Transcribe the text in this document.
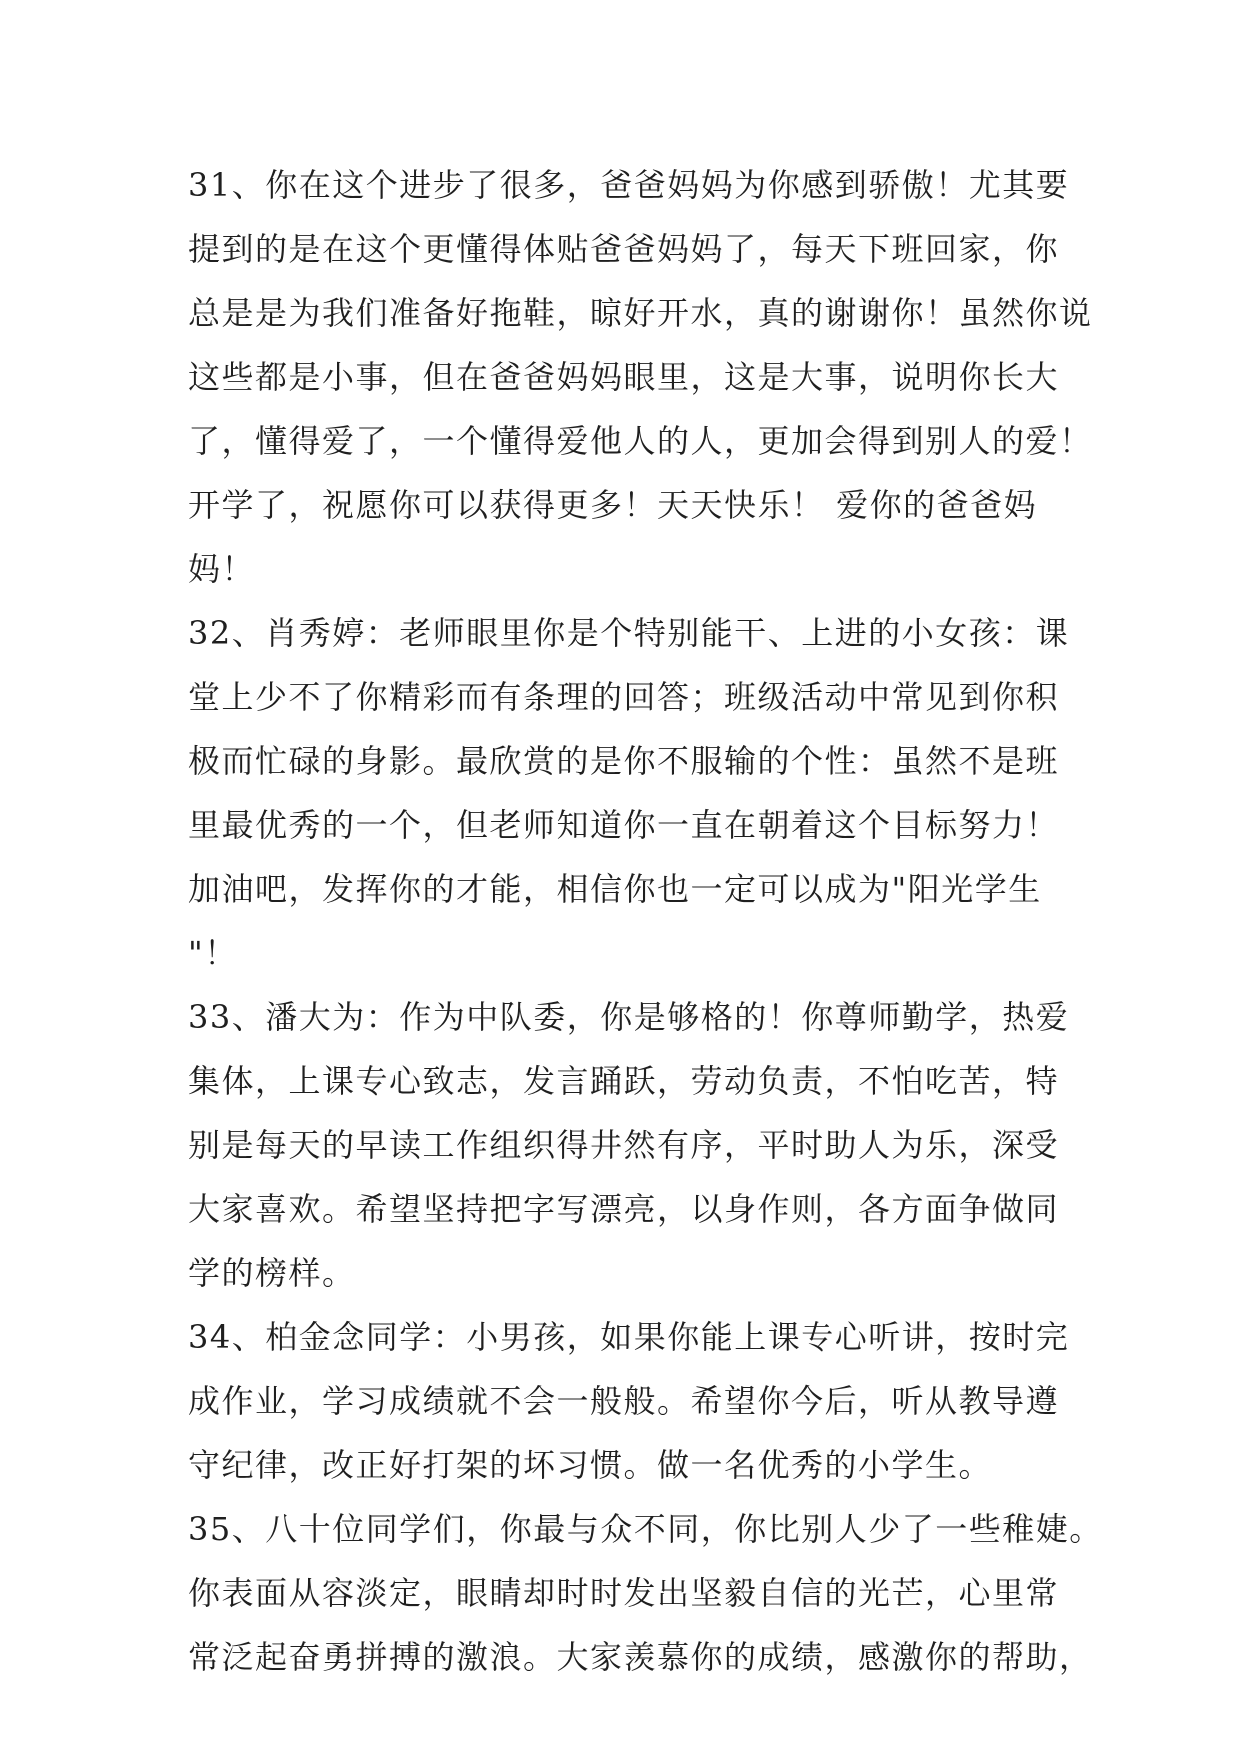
31、你在这个进步了很多，爸爸妈妈为你感到骄傲！尤其要
提到的是在这个更懂得体贴爸爸妈妈了，每天下班回家，你
总是是为我们准备好拖鞋，晾好开水，真的谢谢你！虽然你说
这些都是小事，但在爸爸妈妈眼里，这是大事，说明你长大
了，懂得爱了，一个懂得爱他人的人，更加会得到别人的爱！
开学了，祝愿你可以获得更多！天天快乐！ 爱你的爸爸妈
妈！
32、肖秀婷：老师眼里你是个特别能干、上进的小女孩：课
堂上少不了你精彩而有条理的回答；班级活动中常见到你积
极而忙碌的身影。最欣赏的是你不服输的个性：虽然不是班
里最优秀的一个，但老师知道你一直在朝着这个目标努力！
加油吧，发挥你的才能，相信你也一定可以成为"阳光学生
"！
33、潘大为：作为中队委，你是够格的！你尊师勤学，热爱
集体，上课专心致志，发言踊跃，劳动负责，不怕吃苦，特
别是每天的早读工作组织得井然有序，平时助人为乐，深受
大家喜欢。希望坚持把字写漂亮，以身作则，各方面争做同
学的榜样。
34、柏金念同学：小男孩，如果你能上课专心听讲，按时完
成作业，学习成绩就不会一般般。希望你今后，听从教导遵
守纪律，改正好打架的坏习惯。做一名优秀的小学生。
35、八十位同学们，你最与众不同，你比别人少了一些稚婕。
你表面从容淡定，眼睛却时时发出坚毅自信的光芒，心里常
常泛起奋勇拼搏的激浪。大家羡慕你的成绩，感激你的帮助，
